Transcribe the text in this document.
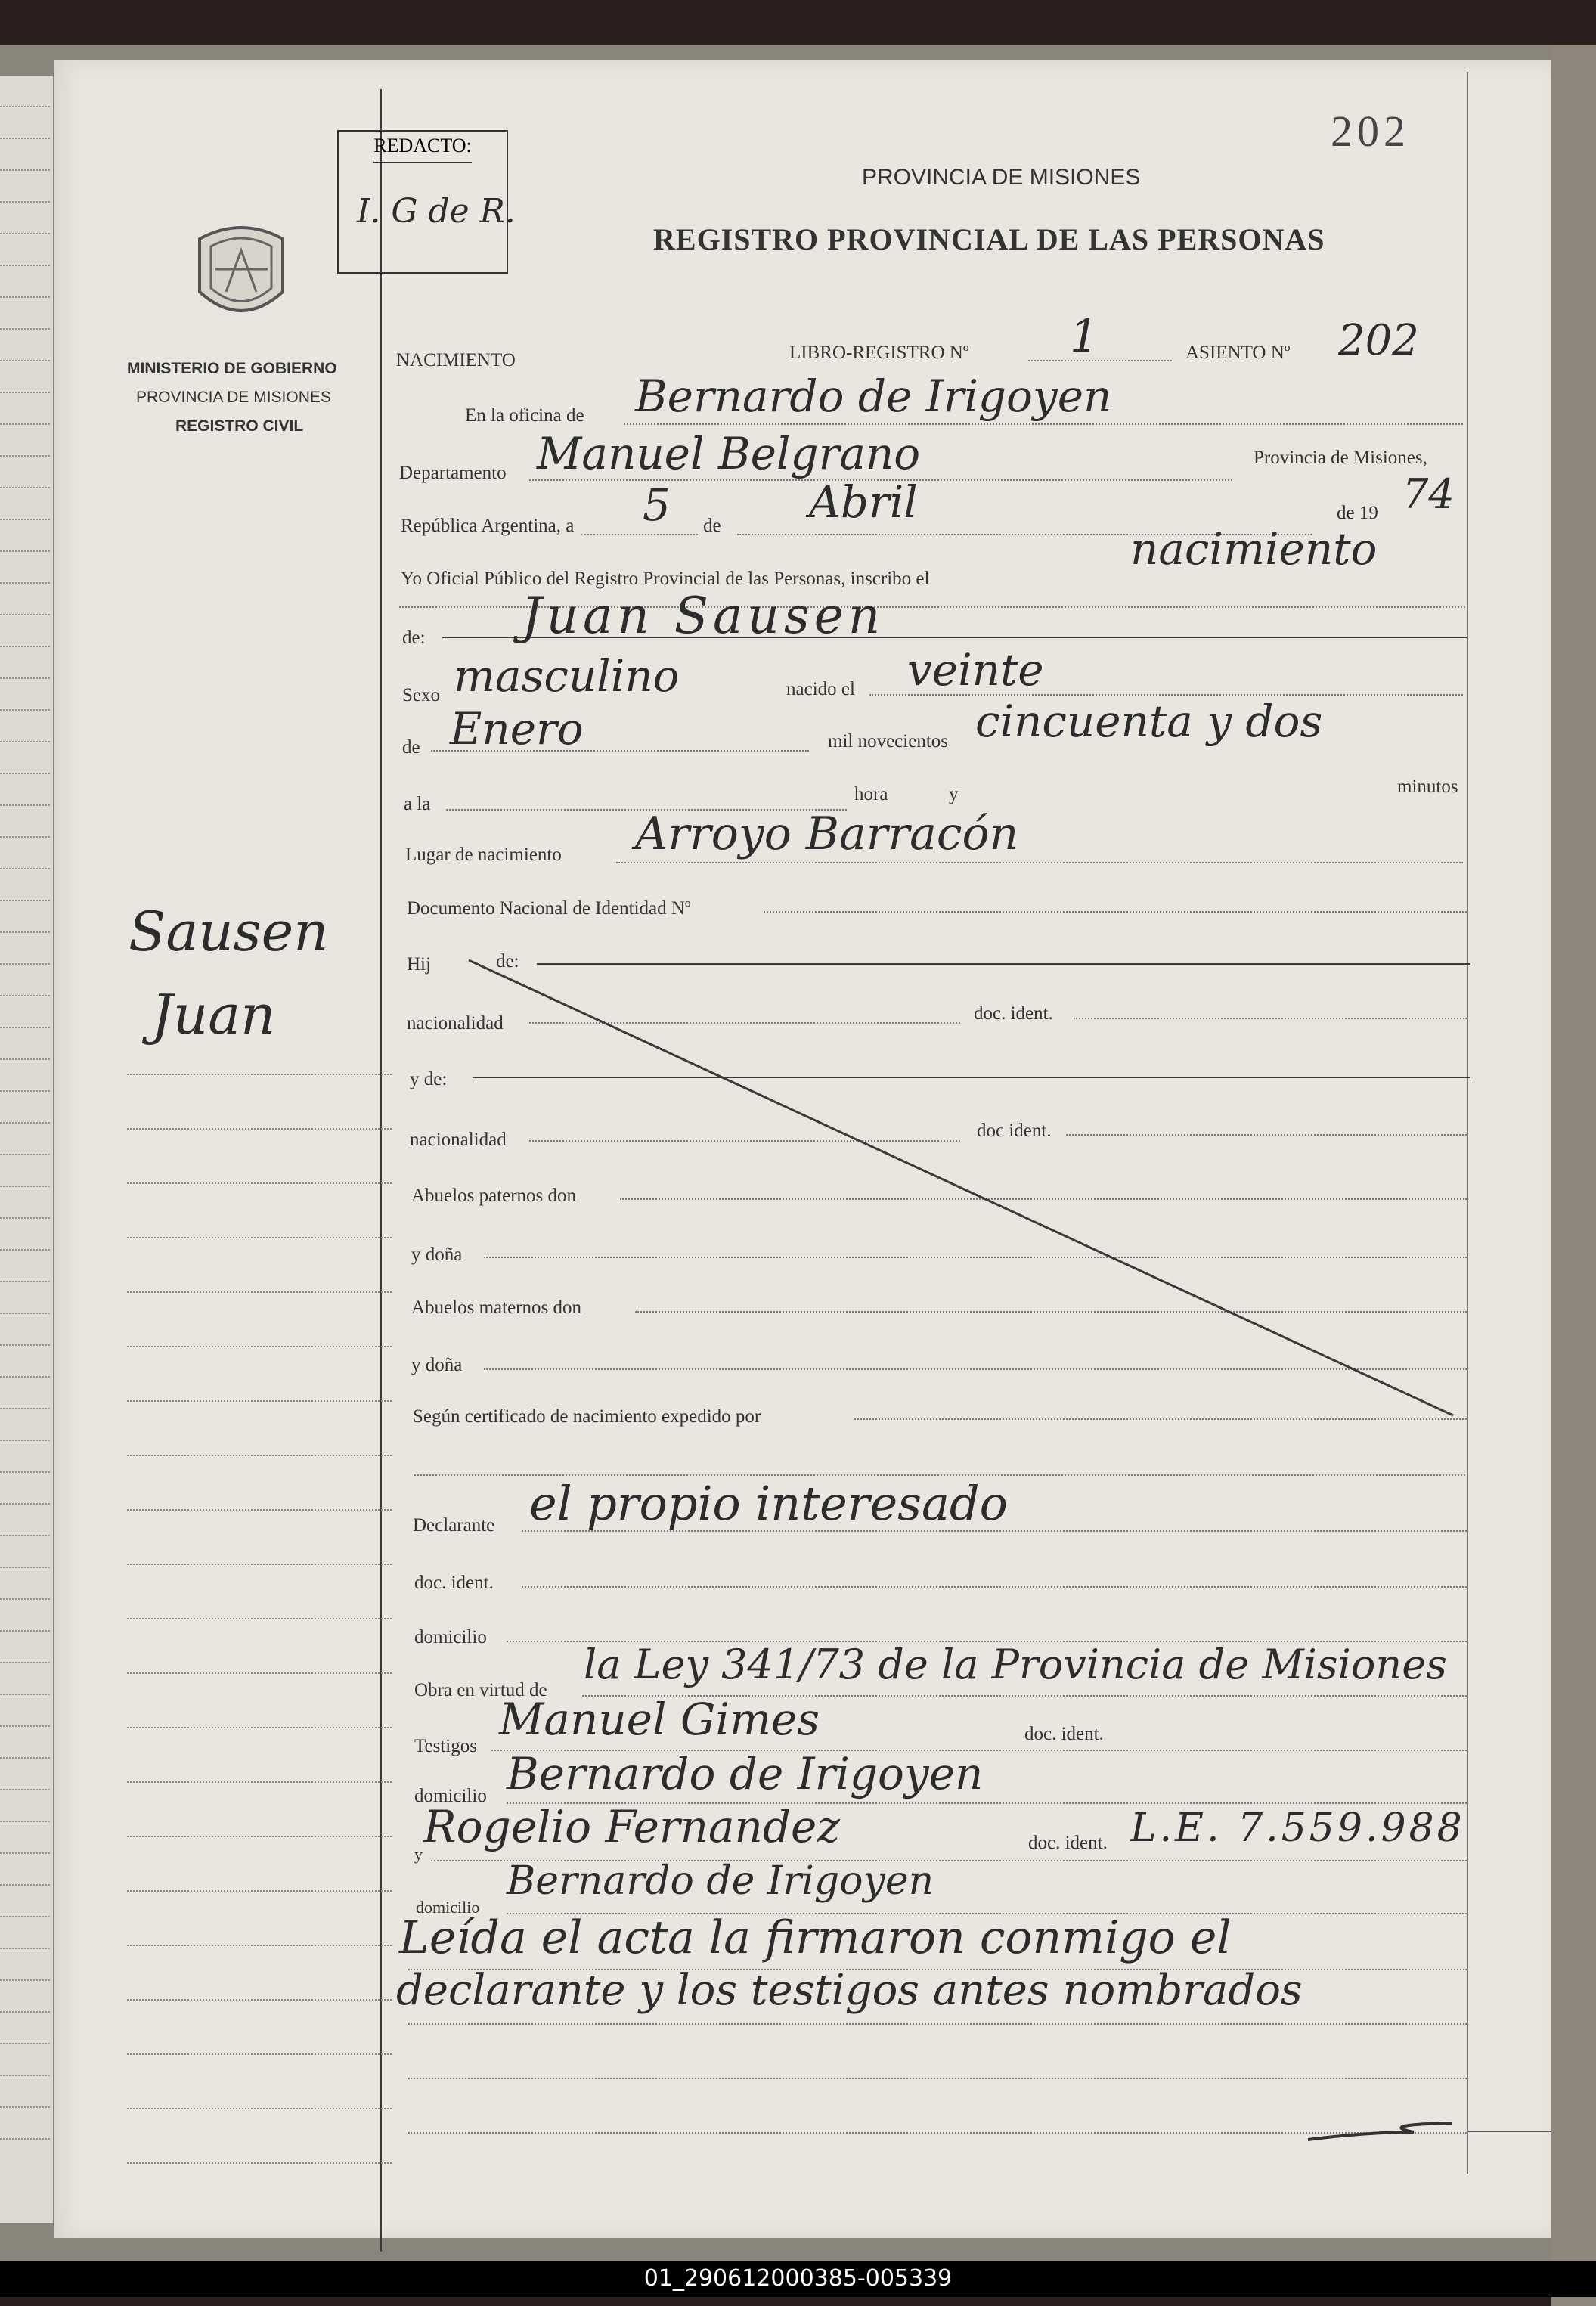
202
REDACTO:
I. G de R.
PROVINCIA DE MISIONES
REGISTRO PROVINCIAL DE LAS PERSONAS
MINISTERIO DE GOBIERNO
PROVINCIA DE MISIONES
REGISTRO CIVIL
Sausen
Juan
NACIMIENTO	LIBRO-REGISTRO Nº 1	ASIENTO Nº 202
En la oficina de Bernardo de Irigoyen
Departamento Manuel Belgrano	Provincia de Misiones,
República Argentina, a 5 de Abril	de 19 74
Yo Oficial Público del Registro Provincial de las Personas, inscribo el
nacimiento
de: Juan Sausen
Sexo masculino	nacido el veinte
de Enero	mil novecientos cincuenta y dos
a la	hora	y	minutos
Lugar de nacimiento Arroyo Barracón
Documento Nacional de Identidad Nº
Hij	de:
nacionalidad	doc. ident.
y de:
nacionalidad	doc ident.
Abuelos paternos don
y doña
Abuelos maternos don
y doña
Según certificado de nacimiento expedido por
Declarante el propio interesado
doc. ident.
domicilio
Obra en virtud de
la Ley 341/73 de la Provincia de Misiones
Testigos
Manuel Gimes	doc. ident.
domicilio Bernardo de Irigoyen
y
Rogelio Fernandez	doc. ident. L.E. 7.559.988
domicilio
Bernardo de Irigoyen
Leída el acta la firmaron conmigo el
declarante y los testigos antes nombrados
01_290612000385-005339
